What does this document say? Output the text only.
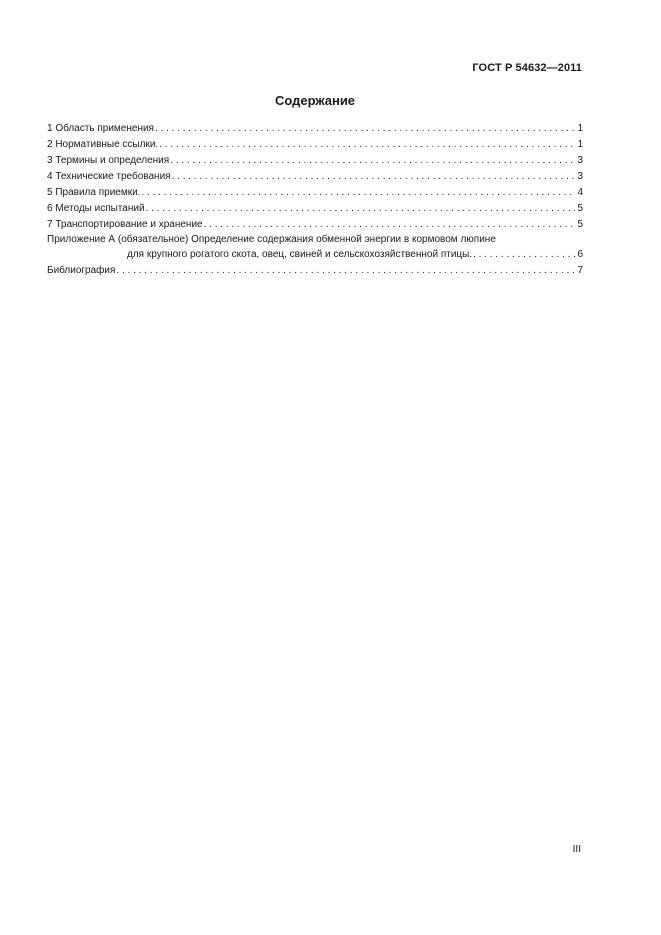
ГОСТ Р 54632—2011
Содержание
1 Область применения . . .	1
2 Нормативные ссылки. . . .	1
3 Термины и определения . . .	3
4 Технические требования . . .	3
5 Правила приемки. . . .	4
6 Методы испытаний . . .	5
7 Транспортирование и хранение . . .	5
Приложение А (обязательное) Определение содержания обменной энергии в кормовом люпине
для крупного рогатого скота, овец, свиней и сельскохозяйственной птицы. . . .	6
Библиография . . .	7
III
